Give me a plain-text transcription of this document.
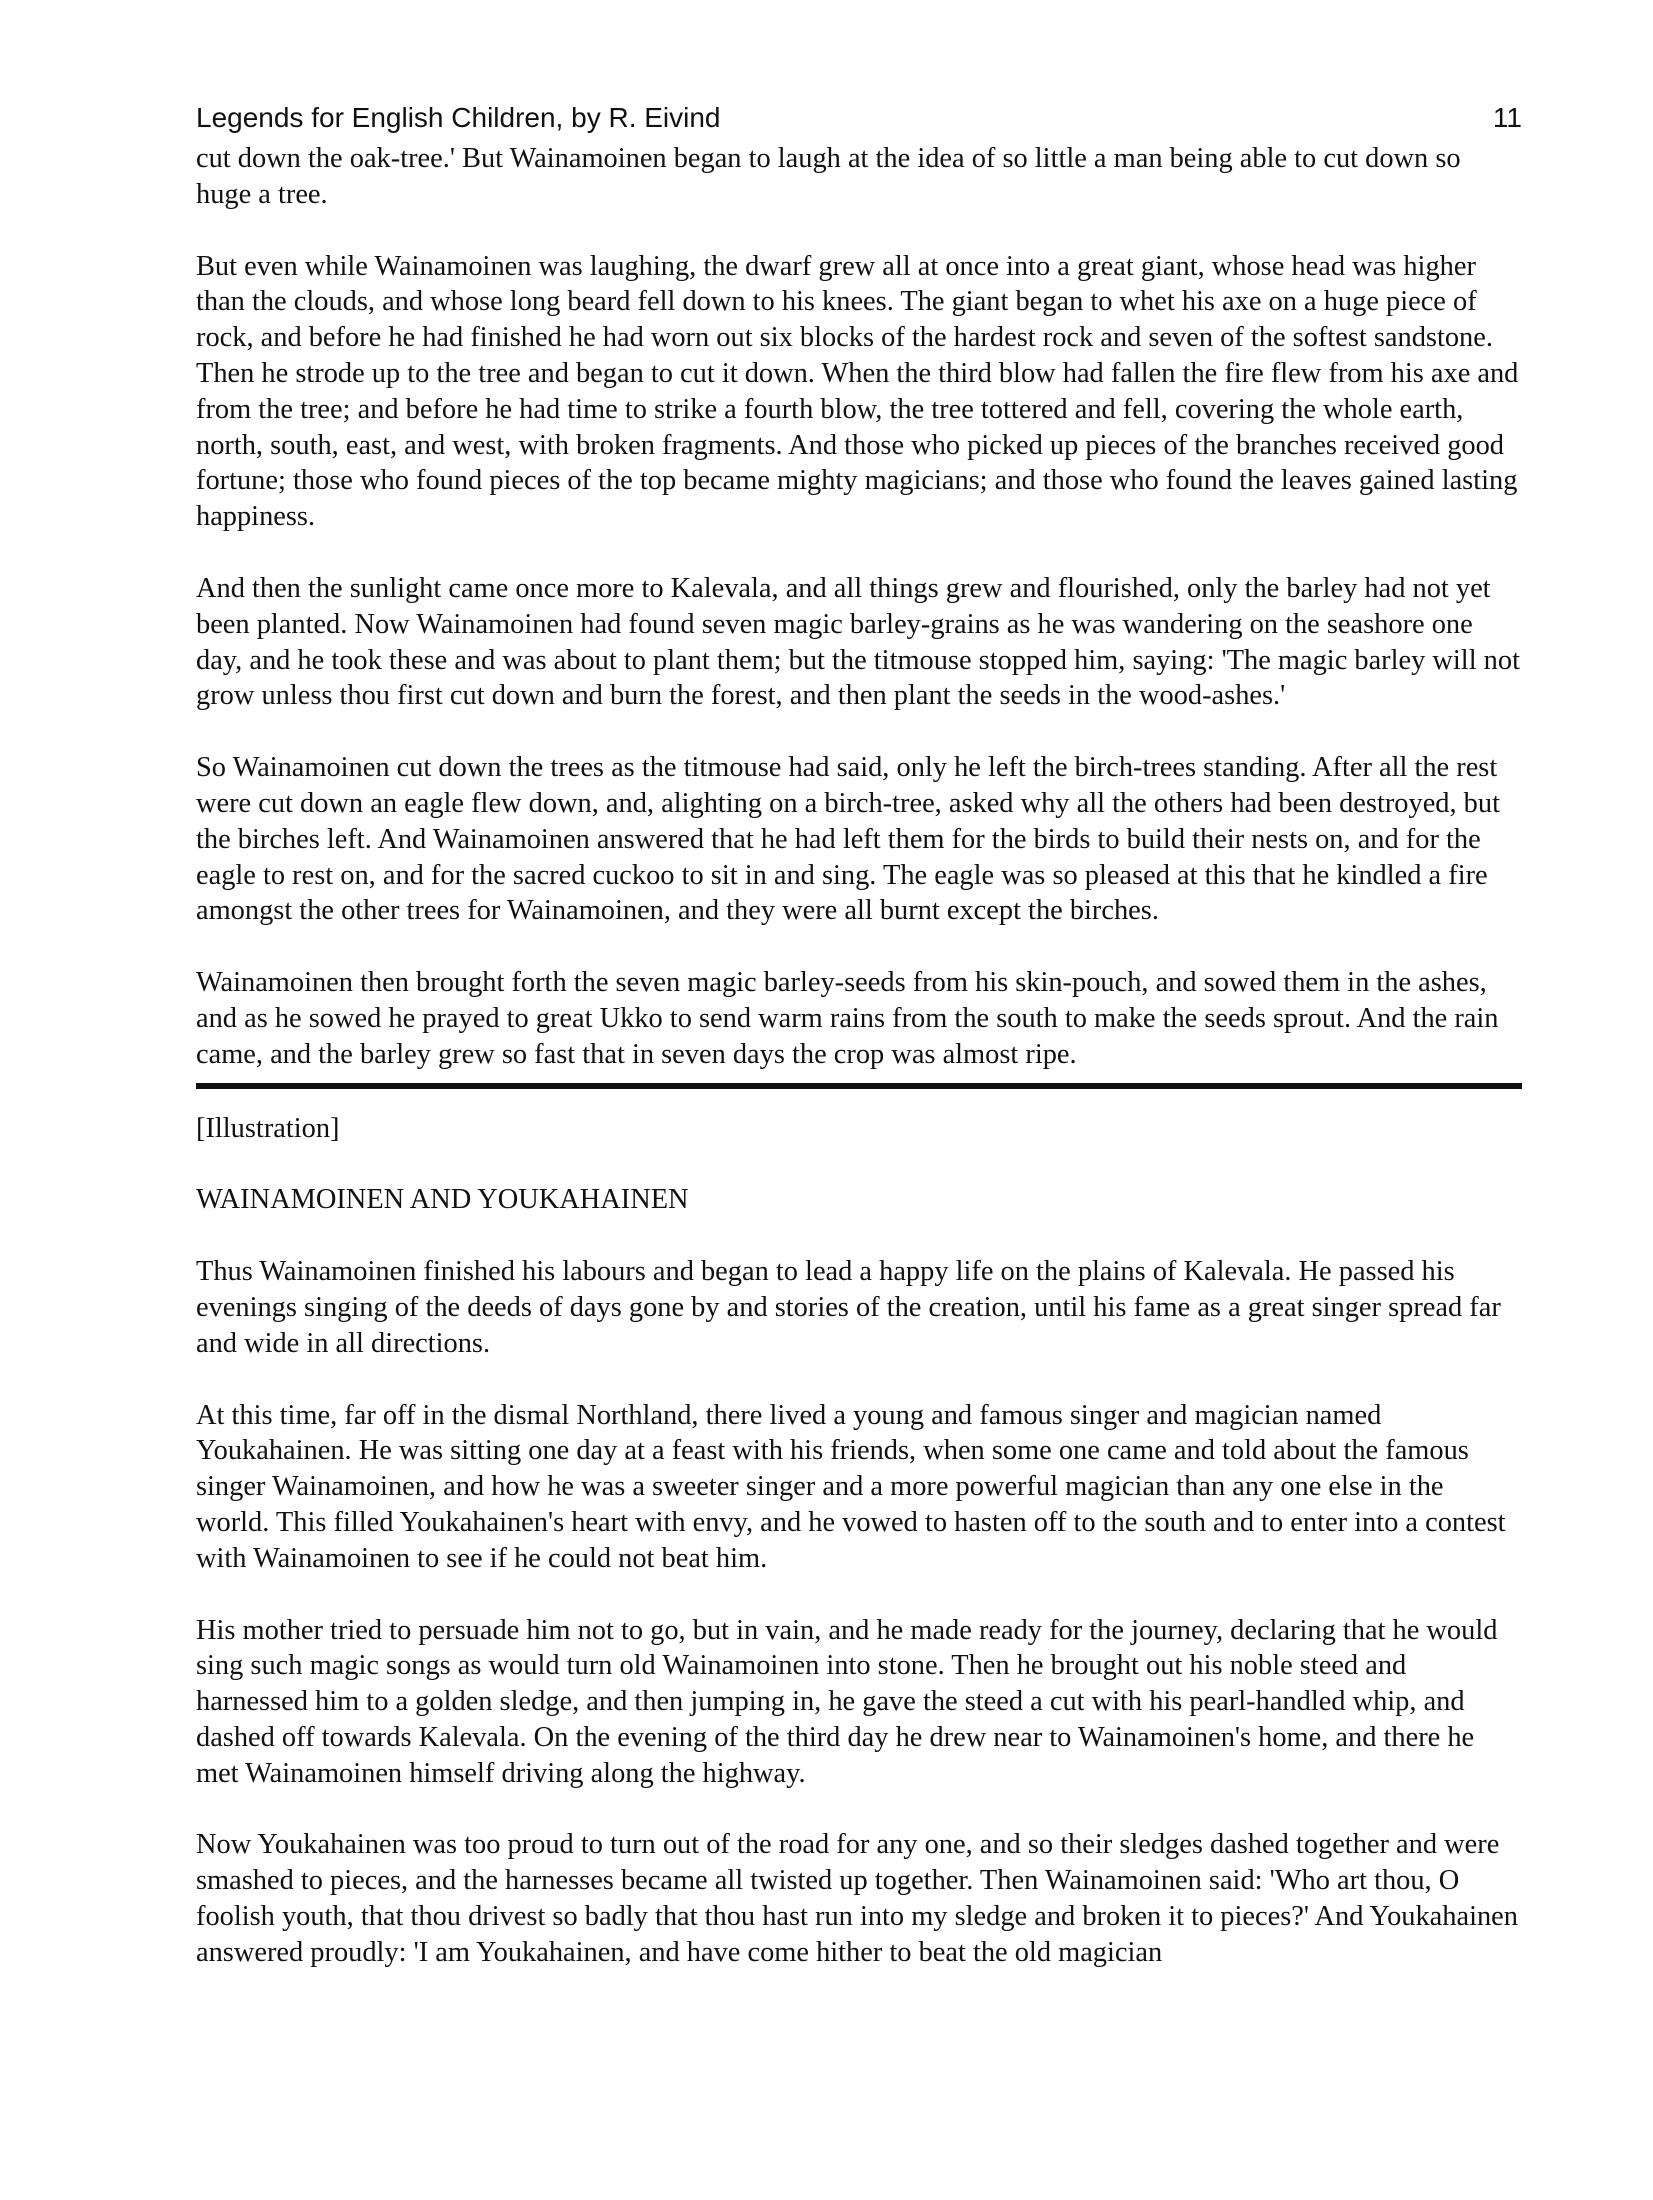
Legends for English Children, by R. Eivind	11

cut down the oak-tree.' But Wainamoinen began to laugh at the idea of so little a man being able to cut down so huge a tree.

But even while Wainamoinen was laughing, the dwarf grew all at once into a great giant, whose head was higher than the clouds, and whose long beard fell down to his knees. The giant began to whet his axe on a huge piece of rock, and before he had finished he had worn out six blocks of the hardest rock and seven of the softest sandstone. Then he strode up to the tree and began to cut it down. When the third blow had fallen the fire flew from his axe and from the tree; and before he had time to strike a fourth blow, the tree tottered and fell, covering the whole earth, north, south, east, and west, with broken fragments. And those who picked up pieces of the branches received good fortune; those who found pieces of the top became mighty magicians; and those who found the leaves gained lasting happiness.

And then the sunlight came once more to Kalevala, and all things grew and flourished, only the barley had not yet been planted. Now Wainamoinen had found seven magic barley-grains as he was wandering on the seashore one day, and he took these and was about to plant them; but the titmouse stopped him, saying: 'The magic barley will not grow unless thou first cut down and burn the forest, and then plant the seeds in the wood-ashes.'

So Wainamoinen cut down the trees as the titmouse had said, only he left the birch-trees standing. After all the rest were cut down an eagle flew down, and, alighting on a birch-tree, asked why all the others had been destroyed, but the birches left. And Wainamoinen answered that he had left them for the birds to build their nests on, and for the eagle to rest on, and for the sacred cuckoo to sit in and sing. The eagle was so pleased at this that he kindled a fire amongst the other trees for Wainamoinen, and they were all burnt except the birches.

Wainamoinen then brought forth the seven magic barley-seeds from his skin-pouch, and sowed them in the ashes, and as he sowed he prayed to great Ukko to send warm rains from the south to make the seeds sprout. And the rain came, and the barley grew so fast that in seven days the crop was almost ripe.

[Illustration]

WAINAMOINEN AND YOUKAHAINEN

Thus Wainamoinen finished his labours and began to lead a happy life on the plains of Kalevala. He passed his evenings singing of the deeds of days gone by and stories of the creation, until his fame as a great singer spread far and wide in all directions.

At this time, far off in the dismal Northland, there lived a young and famous singer and magician named Youkahainen. He was sitting one day at a feast with his friends, when some one came and told about the famous singer Wainamoinen, and how he was a sweeter singer and a more powerful magician than any one else in the world. This filled Youkahainen's heart with envy, and he vowed to hasten off to the south and to enter into a contest with Wainamoinen to see if he could not beat him.

His mother tried to persuade him not to go, but in vain, and he made ready for the journey, declaring that he would sing such magic songs as would turn old Wainamoinen into stone. Then he brought out his noble steed and harnessed him to a golden sledge, and then jumping in, he gave the steed a cut with his pearl-handled whip, and dashed off towards Kalevala. On the evening of the third day he drew near to Wainamoinen's home, and there he met Wainamoinen himself driving along the highway.

Now Youkahainen was too proud to turn out of the road for any one, and so their sledges dashed together and were smashed to pieces, and the harnesses became all twisted up together. Then Wainamoinen said: 'Who art thou, O foolish youth, that thou drivest so badly that thou hast run into my sledge and broken it to pieces?' And Youkahainen answered proudly: 'I am Youkahainen, and have come hither to beat the old magician
